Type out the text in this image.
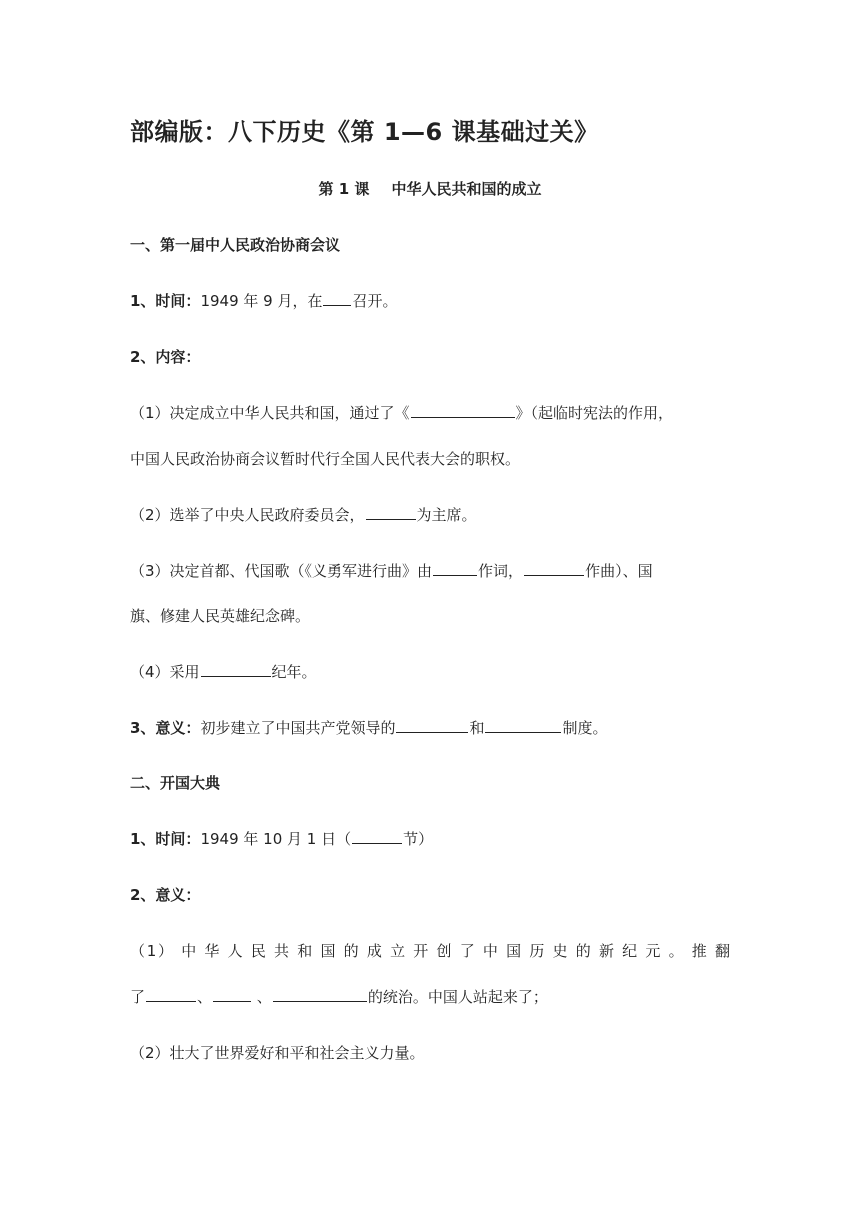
部编版：八下历史《第 1—6 课基础过关》
第 1 课 中华人民共和国的成立
一、第一届中人民政治协商会议
1、时间：1949 年 9 月，在 召开。
2、内容：
（1）决定成立中华人民共和国，通过了《	》（起临时宪法的作用，
中国人民政治协商会议暂时代行全国人民代表大会的职权。
（2）选举了中央人民政府委员会，	为主席。
（3）决定首都、代国歌（《义勇军进行曲》由	作词，	作曲）、国
旗、修建人民英雄纪念碑。
（4）采用	纪年。
3、意义：初步建立了中国共产党领导的	和	制度。
二、开国大典
1、时间：1949 年 10 月 1 日（	节）
2、意义：
（1） 中 华 人 民 共 和 国 的 成 立 开 创 了 中 国 历 史 的 新 纪 元 。 推 翻
了	、	、	的统治。中国人站起来了；
（2）壮大了世界爱好和平和社会主义力量。
